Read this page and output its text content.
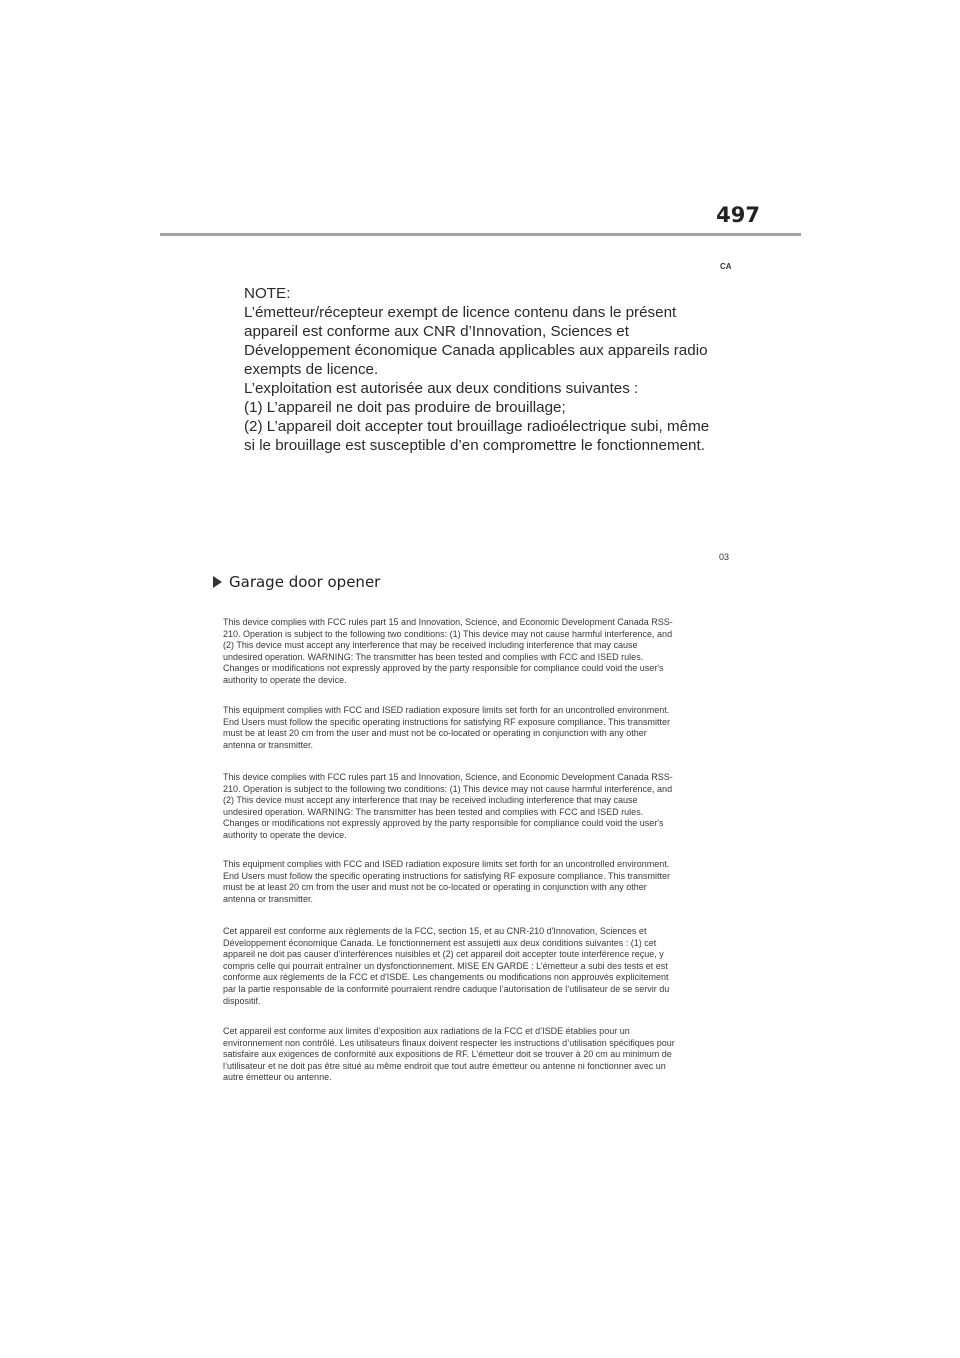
497
CA
NOTE:
L’émetteur/récepteur exempt de licence contenu dans le présent
appareil est conforme aux CNR d’Innovation, Sciences et
Développement économique Canada applicables aux appareils radio
exempts de licence.
L’exploitation est autorisée aux deux conditions suivantes :
(1) L’appareil ne doit pas produire de brouillage;
(2) L’appareil doit accepter tout brouillage radioélectrique subi, même
si le brouillage est susceptible d’en compromettre le fonctionnement.
03
Garage door opener
This device complies with FCC rules part 15 and Innovation, Science, and Economic Development Canada RSS-
210. Operation is subject to the following two conditions: (1) This device may not cause harmful interference, and
(2) This device must accept any interference that may be received including interference that may cause
undesired operation. WARNING: The transmitter has been tested and complies with FCC and ISED rules.
Changes or modifications not expressly approved by the party responsible for compliance could void the user's
authority to operate the device.
This equipment complies with FCC and ISED radiation exposure limits set forth for an uncontrolled environment.
End Users must follow the specific operating instructions for satisfying RF exposure compliance. This transmitter
must be at least 20 cm from the user and must not be co-located or operating in conjunction with any other
antenna or transmitter.
This device complies with FCC rules part 15 and Innovation, Science, and Economic Development Canada RSS-
210. Operation is subject to the following two conditions: (1) This device may not cause harmful interference, and
(2) This device must accept any interference that may be received including interference that may cause
undesired operation. WARNING: The transmitter has been tested and complies with FCC and ISED rules.
Changes or modifications not expressly approved by the party responsible for compliance could void the user's
authority to operate the device.
This equipment complies with FCC and ISED radiation exposure limits set forth for an uncontrolled environment.
End Users must follow the specific operating instructions for satisfying RF exposure compliance. This transmitter
must be at least 20 cm from the user and must not be co-located or operating in conjunction with any other
antenna or transmitter.
Cet appareil est conforme aux règlements de la FCC, section 15, et au CNR-210 d'Innovation, Sciences et
Développement économique Canada. Le fonctionnement est assujetti aux deux conditions suivantes : (1) cet
appareil ne doit pas causer d’interférences nuisibles et (2) cet appareil doit accepter toute interférence reçue, y
compris celle qui pourrait entraîner un dysfonctionnement. MISE EN GARDE : L’émetteur a subi des tests et est
conforme aux règlements de la FCC et d'ISDE. Les changements ou modifications non approuvés explicitement
par la partie responsable de la conformité pourraient rendre caduque l’autorisation de l’utilisateur de se servir du
dispositif.
Cet appareil est conforme aux limites d’exposition aux radiations de la FCC et d’ISDE établies pour un
environnement non contrôlé. Les utilisateurs finaux doivent respecter les instructions d’utilisation spécifiques pour
satisfaire aux exigences de conformité aux expositions de RF. L’émetteur doit se trouver à 20 cm au minimum de
l’utilisateur et ne doit pas être situé au même endroit que tout autre émetteur ou antenne ni fonctionner avec un
autre émetteur ou antenne.
